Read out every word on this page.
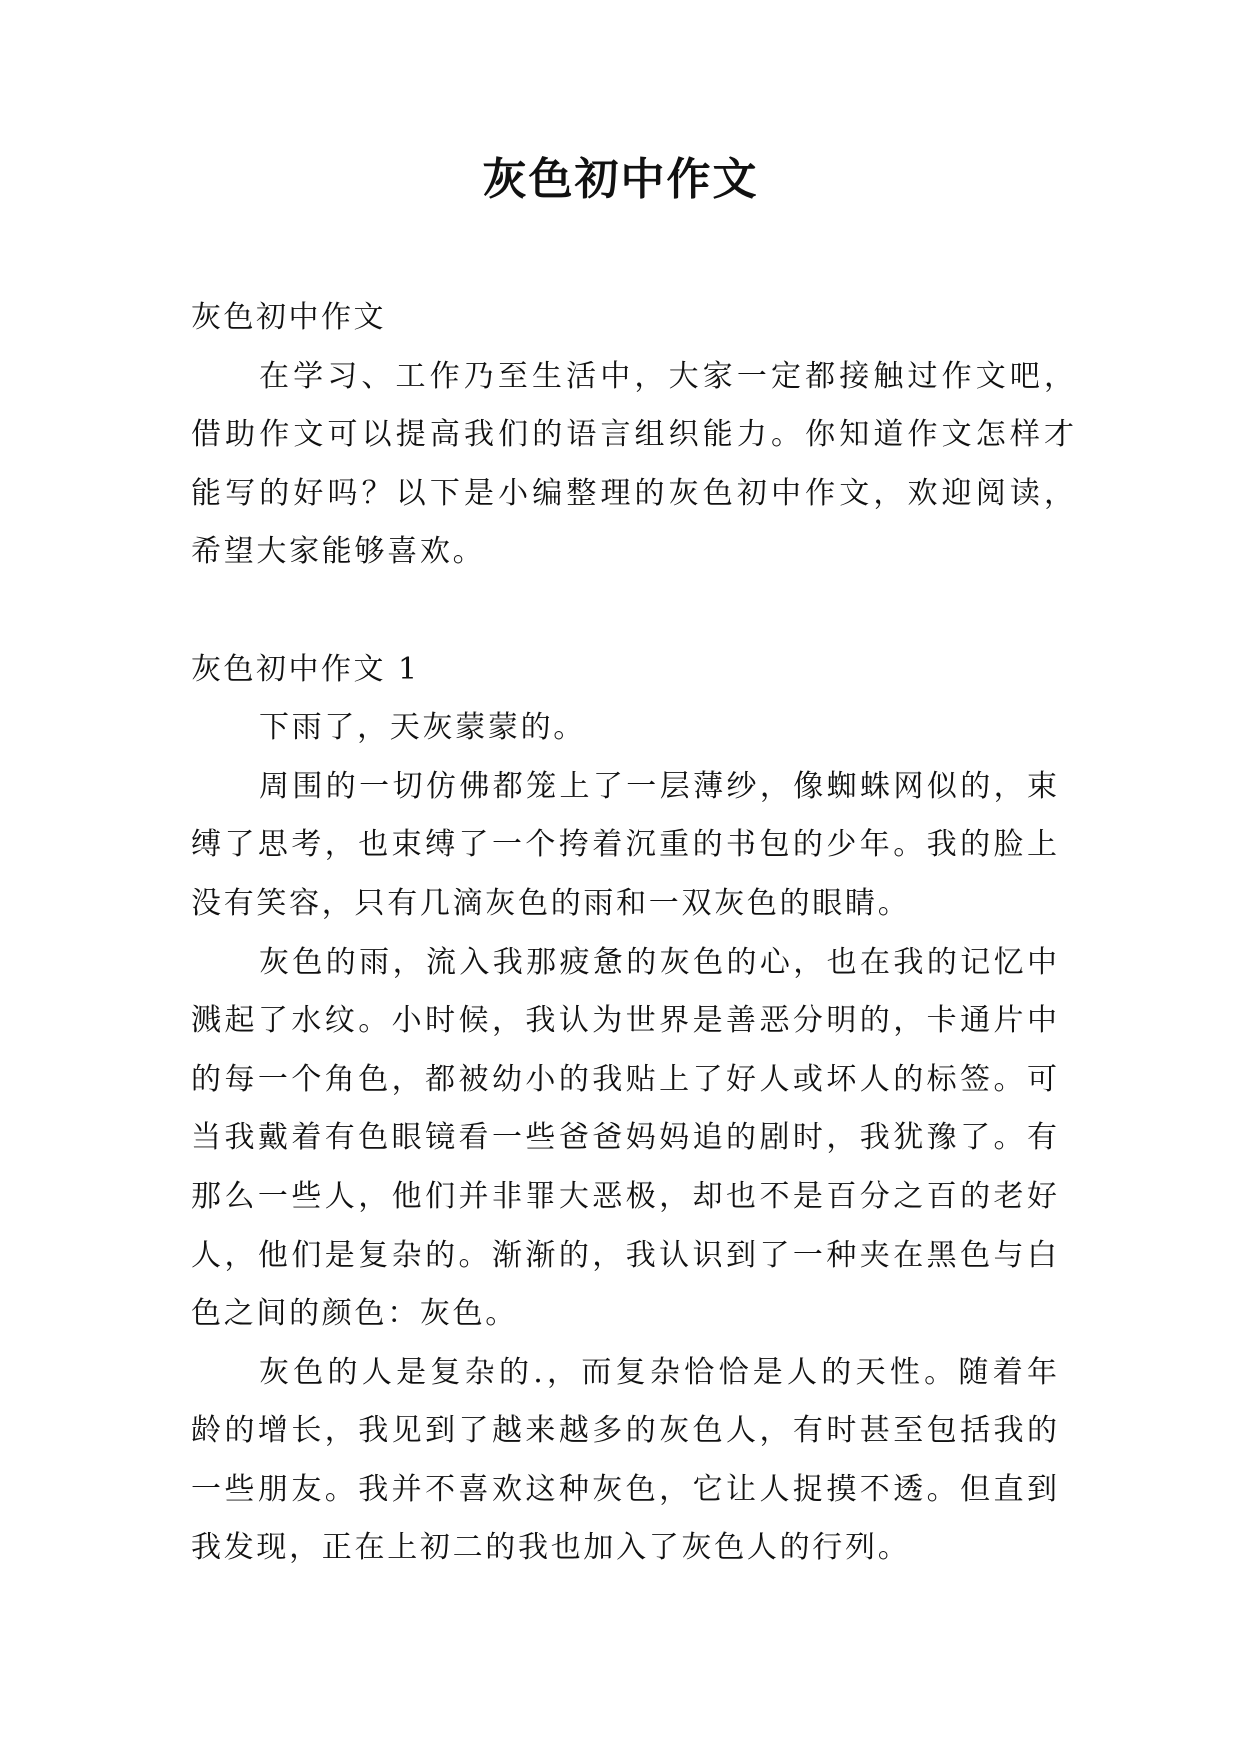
灰色初中作文
灰色初中作文
在学习、工作乃至生活中，大家一定都接触过作文吧，
借助作文可以提高我们的语言组织能力。你知道作文怎样才
能写的好吗？以下是小编整理的灰色初中作文，欢迎阅读，
希望大家能够喜欢。
灰色初中作文 1
下雨了，天灰蒙蒙的。
周围的一切仿佛都笼上了一层薄纱，像蜘蛛网似的，束
缚了思考，也束缚了一个挎着沉重的书包的少年。我的脸上
没有笑容，只有几滴灰色的雨和一双灰色的眼睛。
灰色的雨，流入我那疲惫的灰色的心，也在我的记忆中
溅起了水纹。小时候，我认为世界是善恶分明的，卡通片中
的每一个角色，都被幼小的我贴上了好人或坏人的标签。可
当我戴着有色眼镜看一些爸爸妈妈追的剧时，我犹豫了。有
那么一些人，他们并非罪大恶极，却也不是百分之百的老好
人，他们是复杂的。渐渐的，我认识到了一种夹在黑色与白
色之间的颜色：灰色。
灰色的人是复杂的.，而复杂恰恰是人的天性。随着年
龄的增长，我见到了越来越多的灰色人，有时甚至包括我的
一些朋友。我并不喜欢这种灰色，它让人捉摸不透。但直到
我发现，正在上初二的我也加入了灰色人的行列。
